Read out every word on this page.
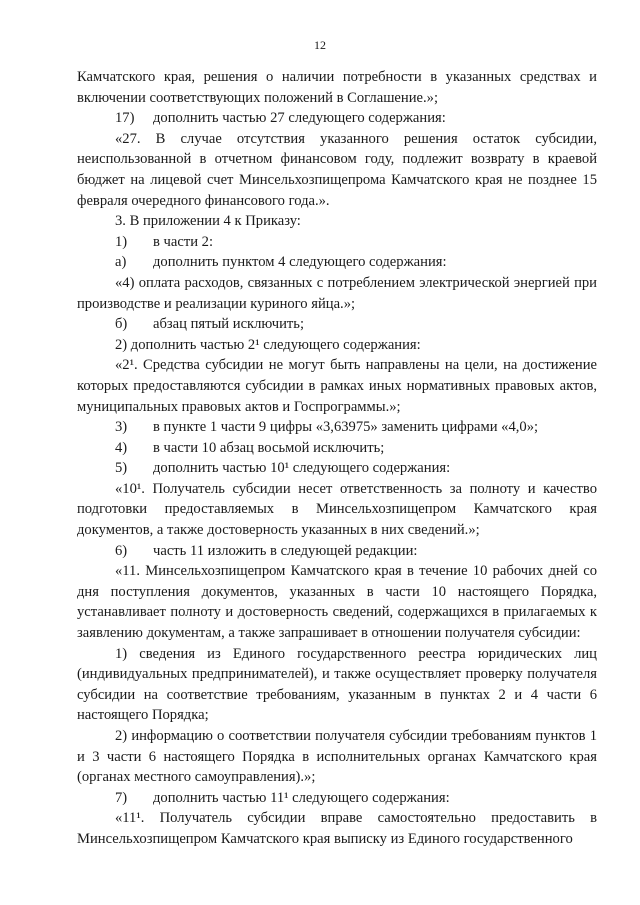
12

Камчатского края, решения о наличии потребности в указанных средствах и включении соответствующих положений в Соглашение.»;

17) дополнить частью 27 следующего содержания:

«27. В случае отсутствия указанного решения остаток субсидии, неиспользованной в отчетном финансовом году, подлежит возврату в краевой бюджет на лицевой счет Минсельхозпищепрома Камчатского края не позднее 15 февраля очередного финансового года.».

3. В приложении 4 к Приказу:

1) в части 2:

а) дополнить пунктом 4 следующего содержания:

«4) оплата расходов, связанных с потреблением электрической энергией при производстве и реализации куриного яйца.»;

б) абзац пятый исключить;

2) дополнить частью 2¹ следующего содержания:

«2¹. Средства субсидии не могут быть направлены на цели, на достижение которых предоставляются субсидии в рамках иных нормативных правовых актов, муниципальных правовых актов и Госпрограммы.»;

3) в пункте 1 части 9 цифры «3,63975» заменить цифрами «4,0»;

4) в части 10 абзац восьмой исключить;

5) дополнить частью 10¹ следующего содержания:

«10¹. Получатель субсидии несет ответственность за полноту и качество подготовки предоставляемых в Минсельхозпищепром Камчатского края документов, а также достоверность указанных в них сведений.»;

6) часть 11 изложить в следующей редакции:

«11. Минсельхозпищепром Камчатского края в течение 10 рабочих дней со дня поступления документов, указанных в части 10 настоящего Порядка, устанавливает полноту и достоверность сведений, содержащихся в прилагаемых к заявлению документам, а также запрашивает в отношении получателя субсидии:

1) сведения из Единого государственного реестра юридических лиц (индивидуальных предпринимателей), и также осуществляет проверку получателя субсидии на соответствие требованиям, указанным в пунктах 2 и 4 части 6 настоящего Порядка;

2) информацию о соответствии получателя субсидии требованиям пунктов 1 и 3 части 6 настоящего Порядка в исполнительных органах Камчатского края (органах местного самоуправления).»;

7) дополнить частью 11¹ следующего содержания:

«11¹. Получатель субсидии вправе самостоятельно предоставить в Минсельхозпищепром Камчатского края выписку из Единого государственного
